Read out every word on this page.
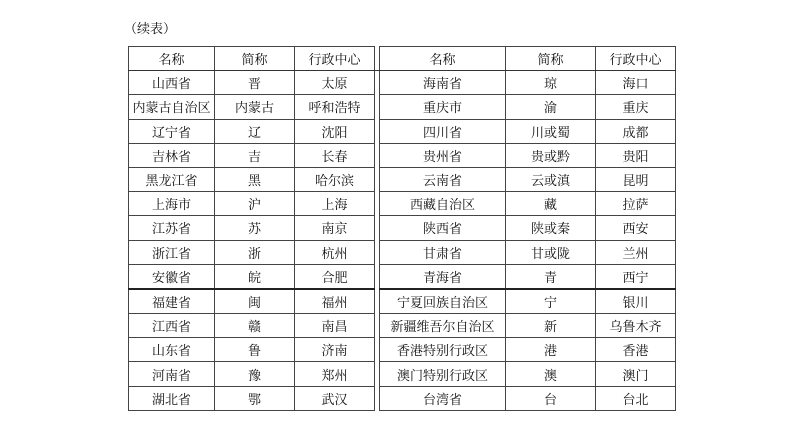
（续表）
名称	简称	行政中心		名称	简称	行政中心
山西省	晋	太原		海南省	琼	海口
内蒙古自治区	内蒙古	呼和浩特		重庆市	渝	重庆
辽宁省	辽	沈阳		四川省	川或蜀	成都
吉林省	吉	长春		贵州省	贵或黔	贵阳
黑龙江省	黑	哈尔滨		云南省	云或滇	昆明
上海市	沪	上海		西藏自治区	藏	拉萨
江苏省	苏	南京		陕西省	陕或秦	西安
浙江省	浙	杭州		甘肃省	甘或陇	兰州
安徽省	皖	合肥		青海省	青	西宁
福建省	闽	福州		宁夏回族自治区	宁	银川
江西省	赣	南昌		新疆维吾尔自治区	新	乌鲁木齐
山东省	鲁	济南		香港特别行政区	港	香港
河南省	豫	郑州		澳门特别行政区	澳	澳门
湖北省	鄂	武汉		台湾省	台	台北
